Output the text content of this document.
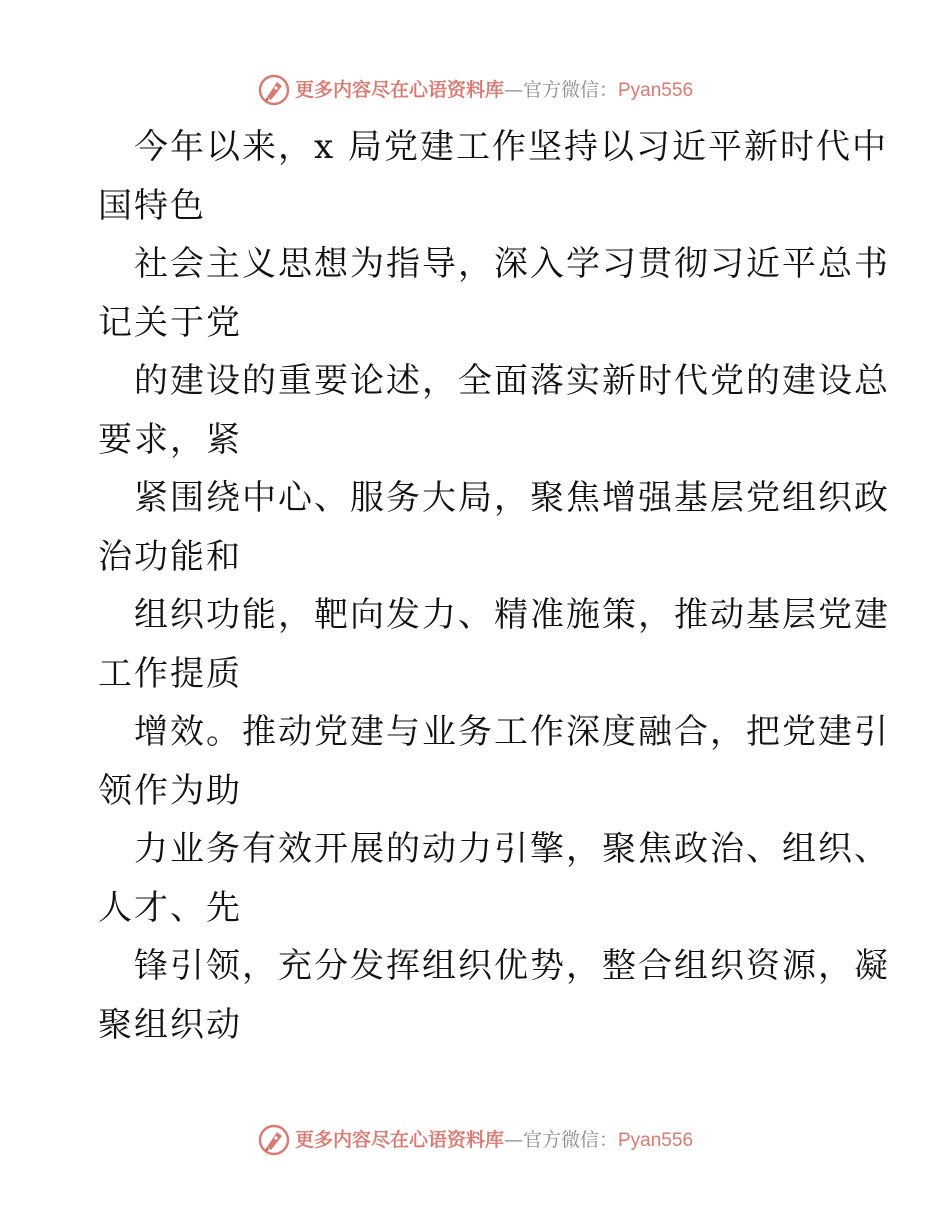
更多内容尽在心语资料库—官方微信：Pyan556
今年以来，x 局党建工作坚持以习近平新时代中
国特色
社会主义思想为指导，深入学习贯彻习近平总书
记关于党
的建设的重要论述，全面落实新时代党的建设总
要求，紧
紧围绕中心、服务大局，聚焦增强基层党组织政
治功能和
组织功能，靶向发力、精准施策，推动基层党建
工作提质
增效。推动党建与业务工作深度融合，把党建引
领作为助
力业务有效开展的动力引擎，聚焦政治、组织、
人才、先
锋引领，充分发挥组织优势，整合组织资源，凝
聚组织动
更多内容尽在心语资料库—官方微信：Pyan556
